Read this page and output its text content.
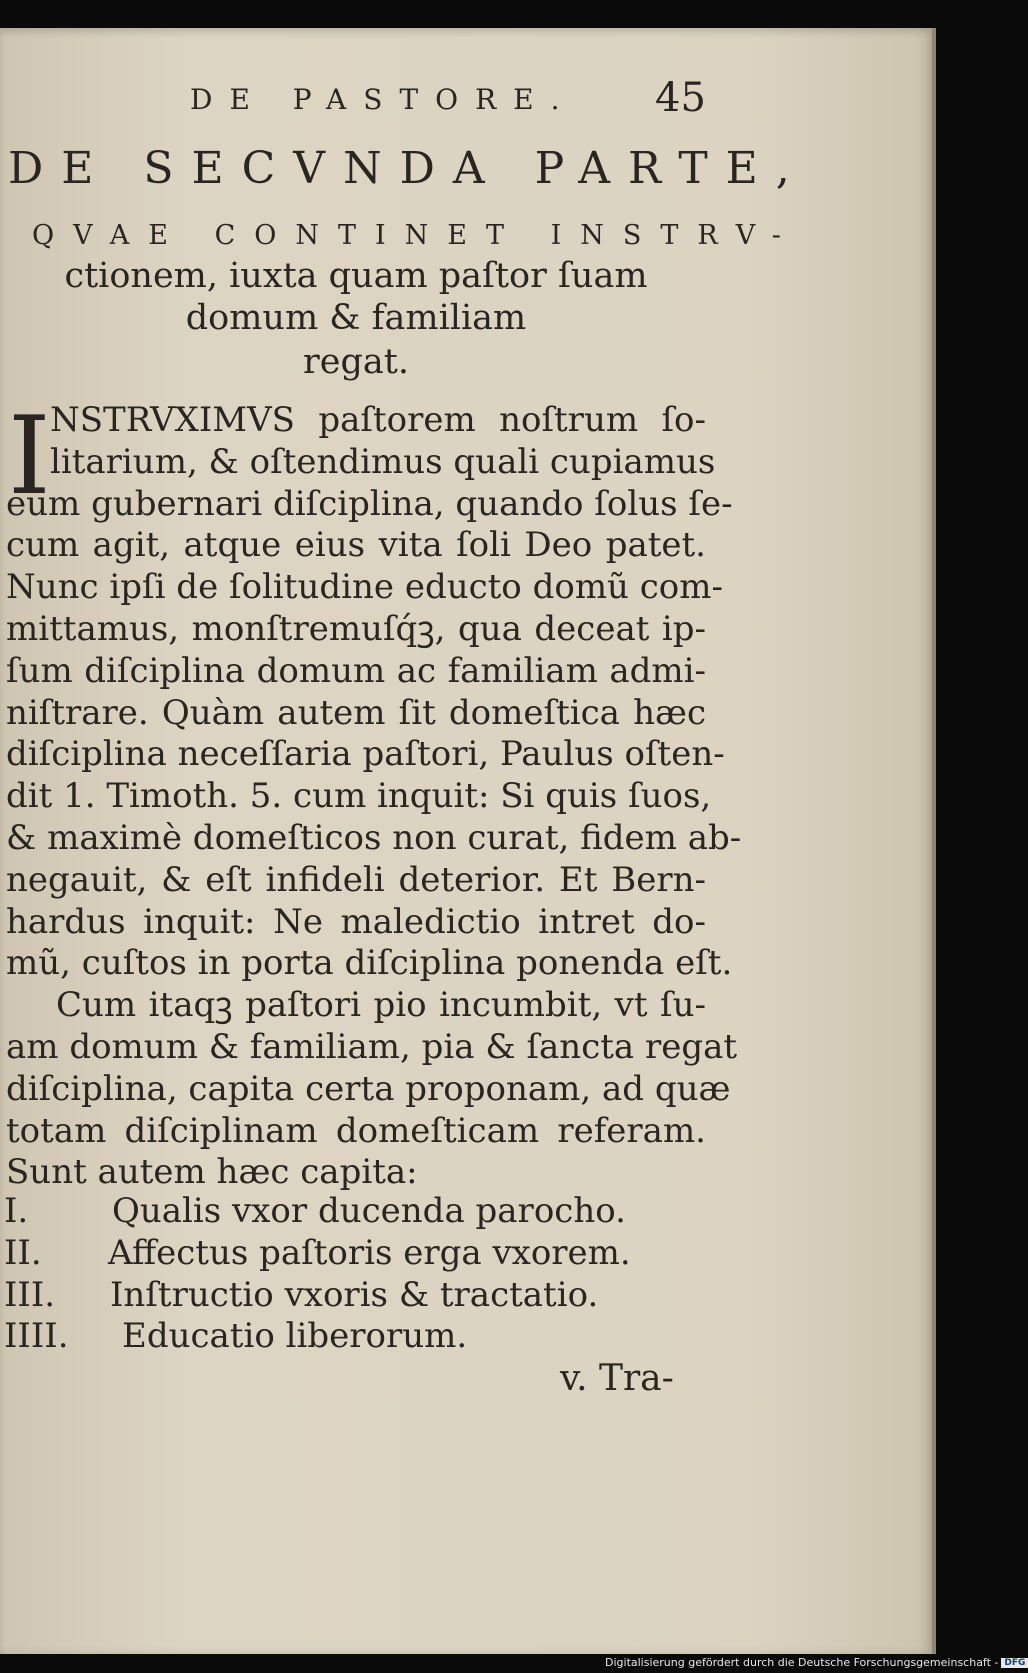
DE PASTORE. 45
DE SECVNDA PARTE,
QVAE CONTINET INSTRV-
ctionem, iuxta quam paſtor ſuam
domum & familiam
regat.
I NSTRVXIMVS paſtorem noſtrum ſo-
litarium, & oſtendimus quali cupiamus
eum gubernari diſciplina, quando ſolus ſe-
cum agit, atque eius vita ſoli Deo patet.
Nunc ipſi de ſolitudine educto domũ com-
mittamus, monſtremuſq́ꝫ, qua deceat ip-
ſum diſciplina domum ac familiam admi-
niſtrare. Quàm autem ſit domeſtica hæc
diſciplina neceſſaria paſtori, Paulus oſten-
dit 1. Timoth. 5. cum inquit: Si quis ſuos,
& maximè domeſticos non curat, fidem ab-
negauit, & eſt infideli deterior. Et Bern-
hardus inquit: Ne maledictio intret do-
mũ, cuſtos in porta diſciplina ponenda eſt.
Cum itaqꝫ paſtori pio incumbit, vt ſu-
am domum & familiam, pia & ſancta regat
diſciplina, capita certa proponam, ad quæ
totam diſciplinam domeſticam referam.
Sunt autem hæc capita:
I. Qualis vxor ducenda parocho.
II. Affectus paſtoris erga vxorem.
III. Inſtructio vxoris & tractatio.
IIII. Educatio liberorum.
v. Tra-
Digitalisierung gefördert durch die Deutsche Forschungsgemeinschaft - DFG
